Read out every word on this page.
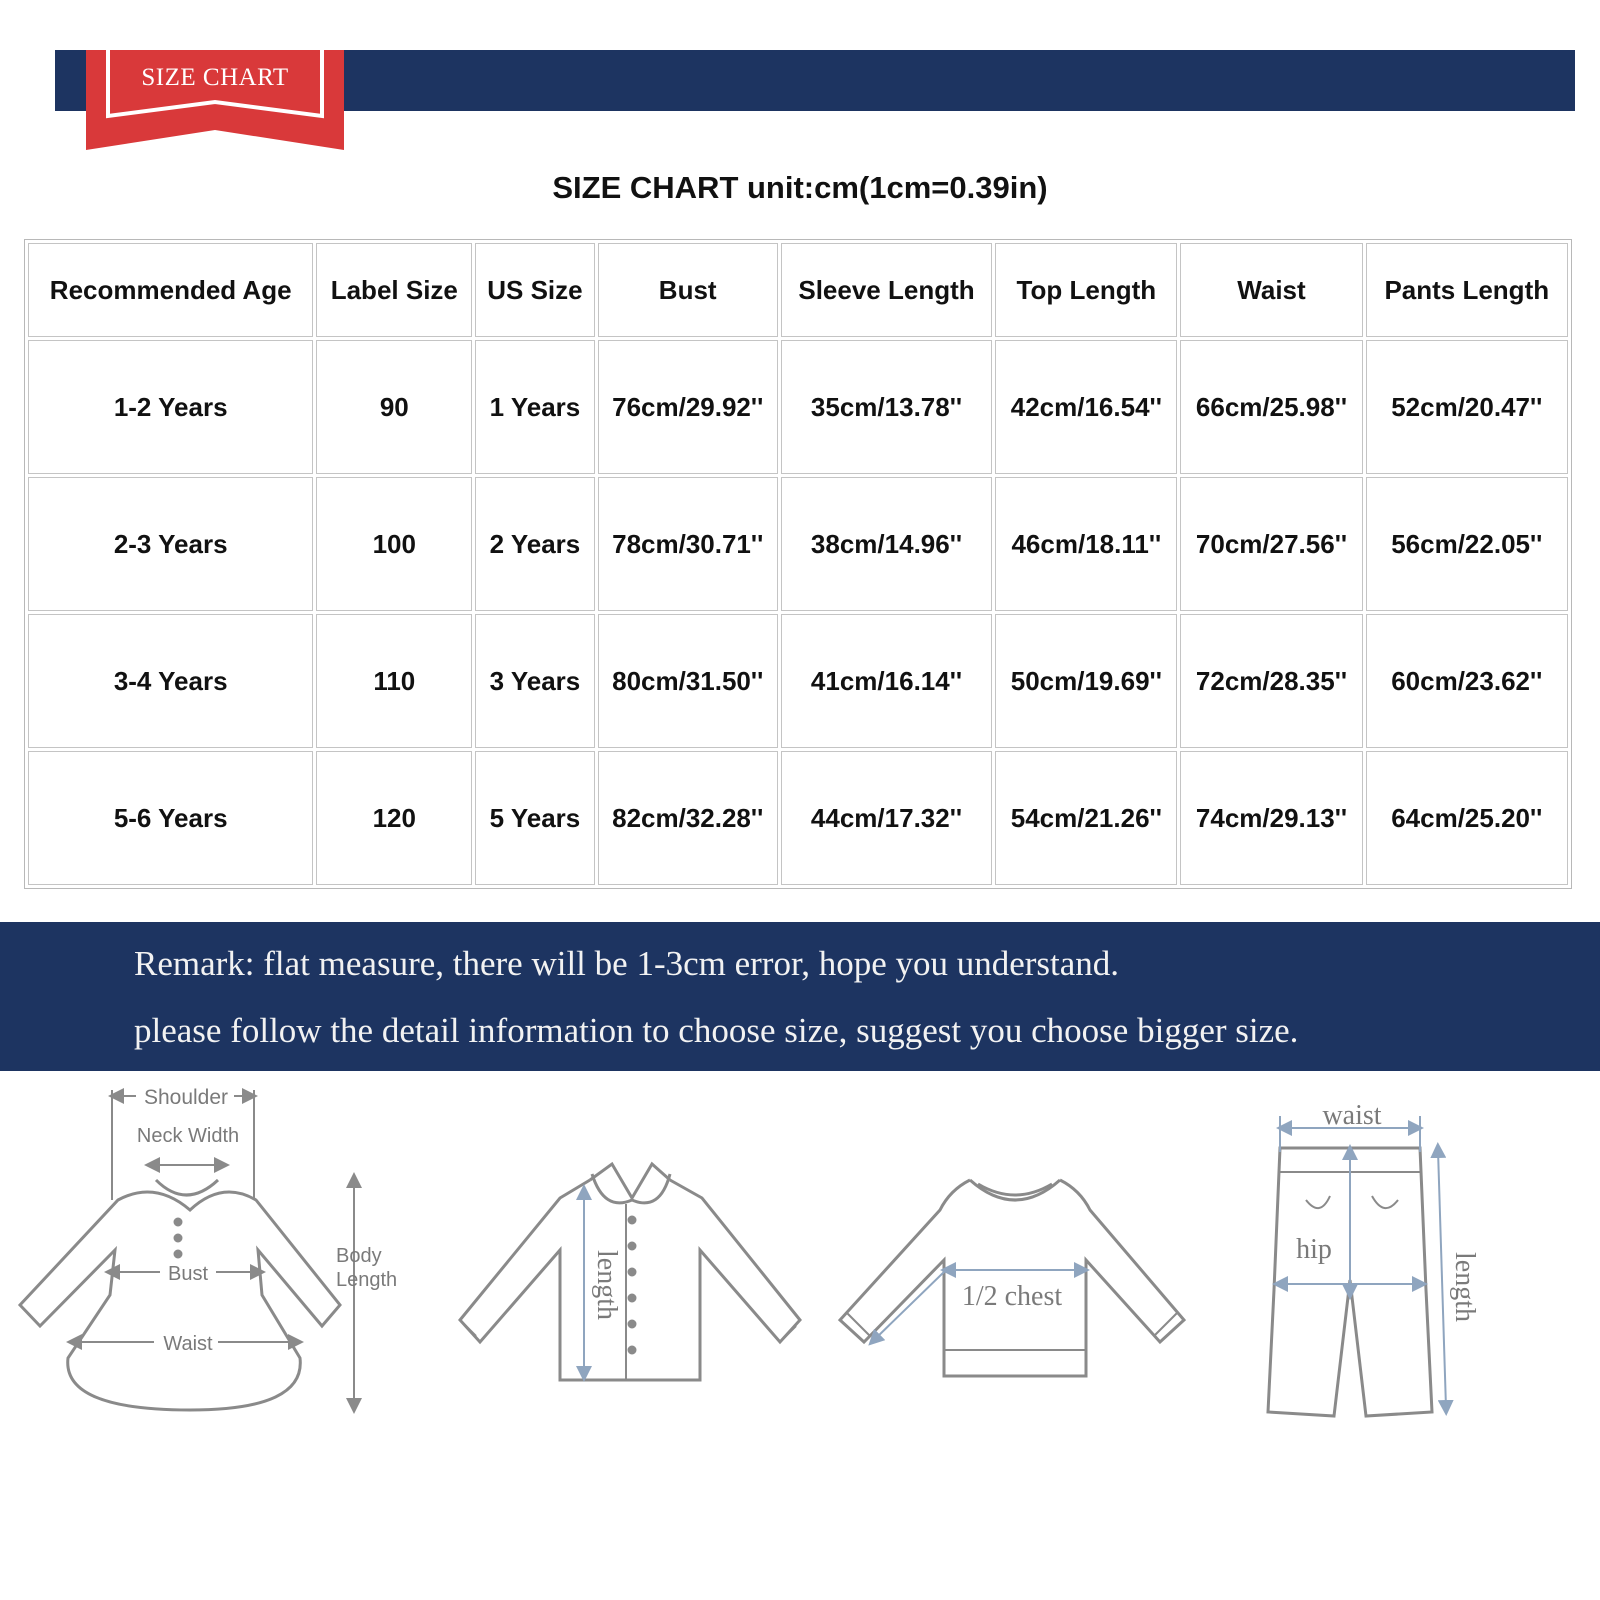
SIZE CHART
SIZE CHART unit:cm(1cm=0.39in)
Recommended Age	Label Size	US Size	Bust	Sleeve Length	Top Length	Waist	Pants Length
1-2 Years	90	1 Years	76cm/29.92''	35cm/13.78''	42cm/16.54''	66cm/25.98''	52cm/20.47''
2-3 Years	100	2 Years	78cm/30.71''	38cm/14.96''	46cm/18.11''	70cm/27.56''	56cm/22.05''
3-4 Years	110	3 Years	80cm/31.50''	41cm/16.14''	50cm/19.69''	72cm/28.35''	60cm/23.62''
5-6 Years	120	5 Years	82cm/32.28''	44cm/17.32''	54cm/21.26''	74cm/29.13''	64cm/25.20''
Remark: flat measure, there will be 1-3cm error, hope you understand.
please follow the detail information to choose size, suggest you choose bigger size.
Shoulder
Neck Width
Bust
Waist
Body
Length	length	1/2 chest
waist
hip
length
